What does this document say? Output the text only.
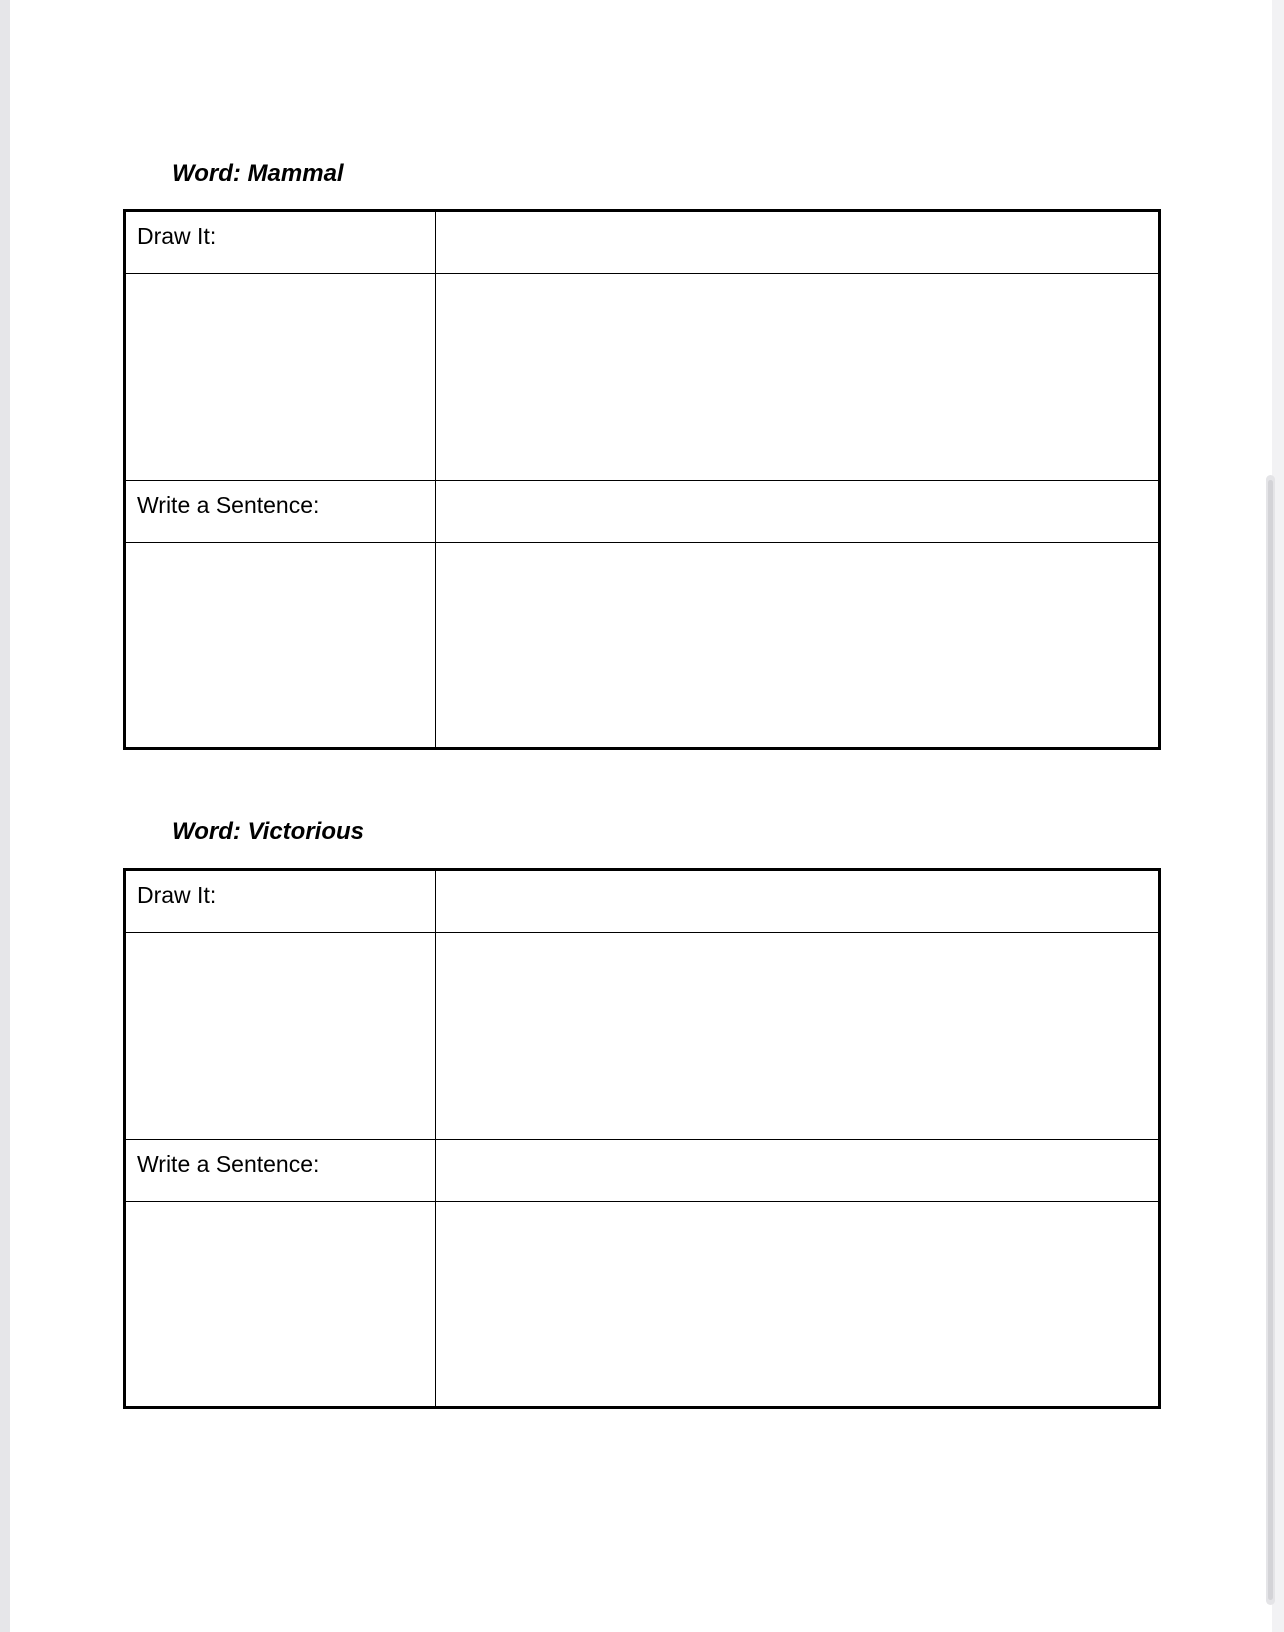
Word: Mammal
Draw It:
Write a Sentence:
Word: Victorious
Draw It:
Write a Sentence:
